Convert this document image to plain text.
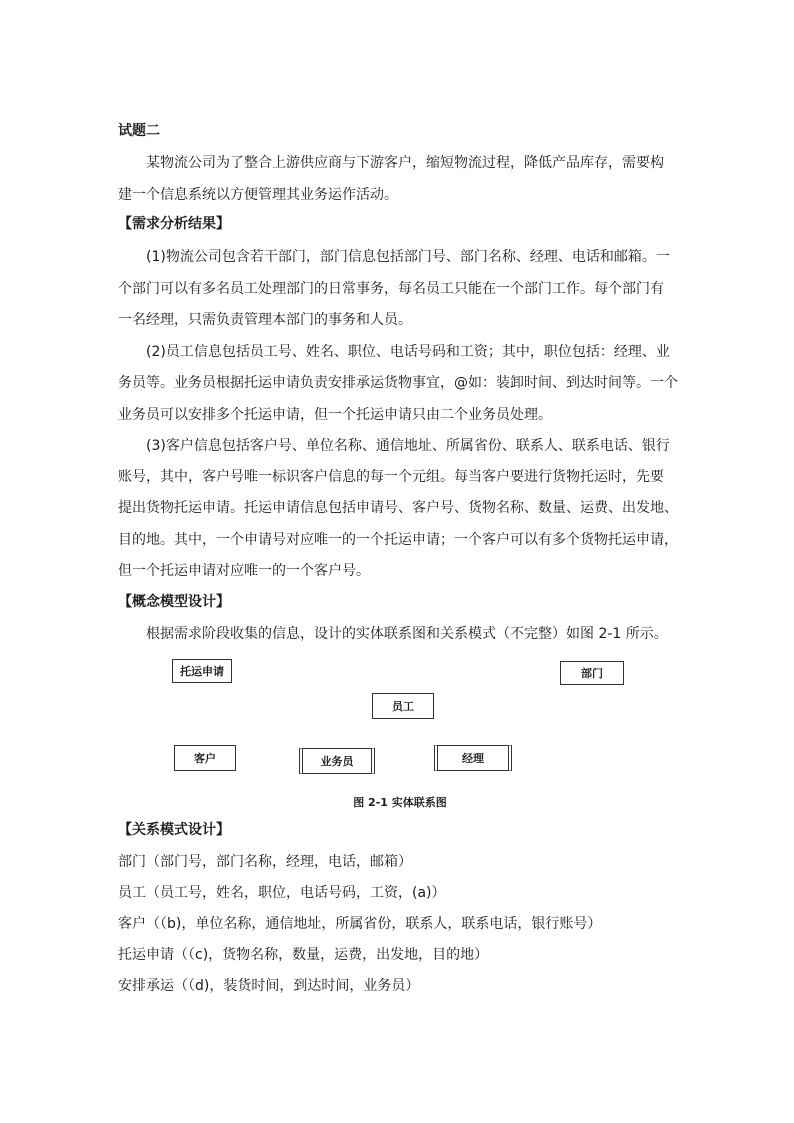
试题二
某物流公司为了整合上游供应商与下游客户，缩短物流过程，降低产品库存，需要构
建一个信息系统以方便管理其业务运作活动。
【需求分析结果】
(1)物流公司包含若干部门，部门信息包括部门号、部门名称、经理、电话和邮箱。一
个部门可以有多名员工处理部门的日常事务，每名员工只能在一个部门工作。每个部门有
一名经理，只需负责管理本部门的事务和人员。
(2)员工信息包括员工号、姓名、职位、电话号码和工资；其中，职位包括：经理、业
务员等。业务员根据托运申请负责安排承运货物事宜，@如：装卸时间、到达时间等。一个
业务员可以安排多个托运申请，但一个托运申请只由二个业务员处理。
(3)客户信息包括客户号、单位名称、通信地址、所属省份、联系人、联系电话、银行
账号，其中，客户号唯一标识客户信息的每一个元组。每当客户要进行货物托运时，先要
提出货物托运申请。托运申请信息包括申请号、客户号、货物名称、数量、运费、出发地、
目的地。其中，一个申请号对应唯一的一个托运申请；一个客户可以有多个货物托运申请，
但一个托运申请对应唯一的一个客户号。
【概念模型设计】
根据需求阶段收集的信息，设计的实体联系图和关系模式（不完整）如图 2-1 所示。
托运申请	部门
员工
客户	业务员	经理
图 2-1 实体联系图
【关系模式设计】
部门（部门号，部门名称，经理，电话，邮箱）
员工（员工号，姓名，职位，电话号码，工资，(a)）
客户（（b)，单位名称，通信地址，所属省份，联系人，联系电话，银行账号）
托运申请（（c)，货物名称，数量，运费，出发地，目的地）
安排承运（（d)，装货时间，到达时间，业务员）
